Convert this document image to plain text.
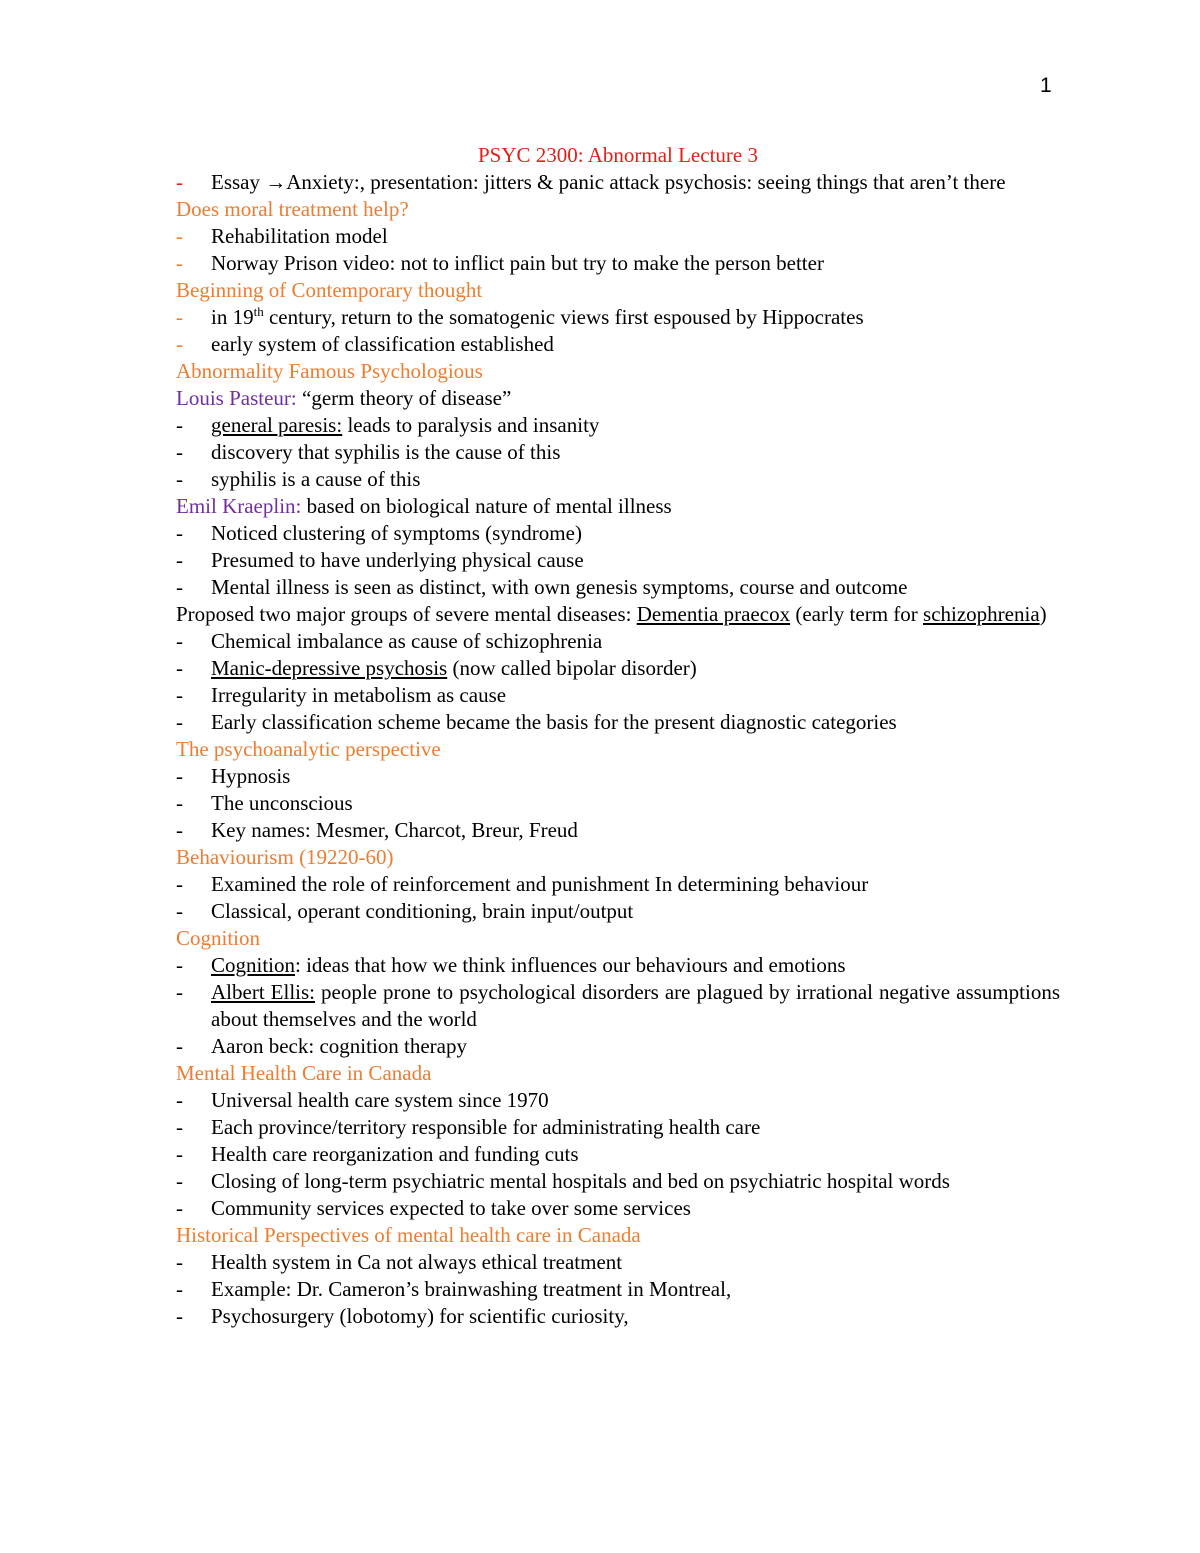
1
PSYC 2300: Abnormal Lecture 3
- Essay →Anxiety:, presentation: jitters & panic attack psychosis: seeing things that aren’t there
Does moral treatment help?
- Rehabilitation model
- Norway Prison video: not to inflict pain but try to make the person better
Beginning of Contemporary thought
- in 19th century, return to the somatogenic views first espoused by Hippocrates
- early system of classification established
Abnormality Famous Psychologious
Louis Pasteur: “germ theory of disease”
- general paresis: leads to paralysis and insanity
- discovery that syphilis is the cause of this
- syphilis is a cause of this
Emil Kraeplin: based on biological nature of mental illness
- Noticed clustering of symptoms (syndrome)
- Presumed to have underlying physical cause
- Mental illness is seen as distinct, with own genesis symptoms, course and outcome
Proposed two major groups of severe mental diseases: Dementia praecox (early term for schizophrenia)
- Chemical imbalance as cause of schizophrenia
- Manic-depressive psychosis (now called bipolar disorder)
- Irregularity in metabolism as cause
- Early classification scheme became the basis for the present diagnostic categories
The psychoanalytic perspective
- Hypnosis
- The unconscious
- Key names: Mesmer, Charcot, Breur, Freud
Behaviourism (19220-60)
- Examined the role of reinforcement and punishment In determining behaviour
- Classical, operant conditioning, brain input/output
Cognition
- Cognition: ideas that how we think influences our behaviours and emotions
- Albert Ellis: people prone to psychological disorders are plagued by irrational negative assumptions about themselves and the world
- Aaron beck: cognition therapy
Mental Health Care in Canada
- Universal health care system since 1970
- Each province/territory responsible for administrating health care
- Health care reorganization and funding cuts
- Closing of long-term psychiatric mental hospitals and bed on psychiatric hospital words
- Community services expected to take over some services
Historical Perspectives of mental health care in Canada
- Health system in Ca not always ethical treatment
- Example: Dr. Cameron’s brainwashing treatment in Montreal,
- Psychosurgery (lobotomy) for scientific curiosity,
